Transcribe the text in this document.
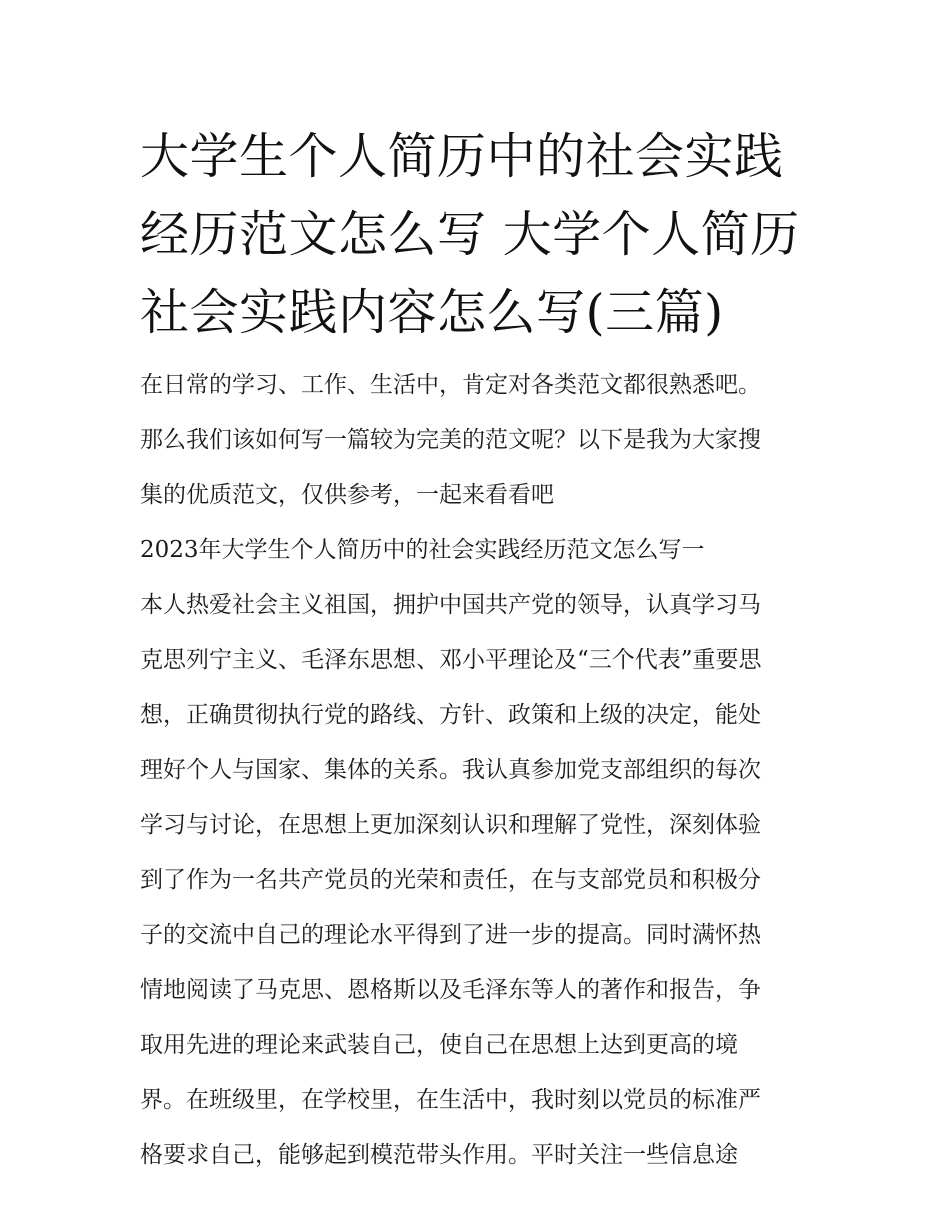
大学生个人简历中的社会实践
经历范文怎么写 大学个人简历
社会实践内容怎么写(三篇)
在日常的学习、工作、生活中，肯定对各类范文都很熟悉吧。
那么我们该如何写一篇较为完美的范文呢？以下是我为大家搜
集的优质范文，仅供参考，一起来看看吧
2023年大学生个人简历中的社会实践经历范文怎么写一
本人热爱社会主义祖国，拥护中国共产党的领导，认真学习马
克思列宁主义、毛泽东思想、邓小平理论及“三个代表”重要思
想，正确贯彻执行党的路线、方针、政策和上级的决定，能处
理好个人与国家、集体的关系。我认真参加党支部组织的每次
学习与讨论，在思想上更加深刻认识和理解了党性，深刻体验
到了作为一名共产党员的光荣和责任，在与支部党员和积极分
子的交流中自己的理论水平得到了进一步的提高。同时满怀热
情地阅读了马克思、恩格斯以及毛泽东等人的著作和报告，争
取用先进的理论来武装自己，使自己在思想上达到更高的境
界。在班级里，在学校里，在生活中，我时刻以党员的标准严
格要求自己，能够起到模范带头作用。平时关注一些信息途
